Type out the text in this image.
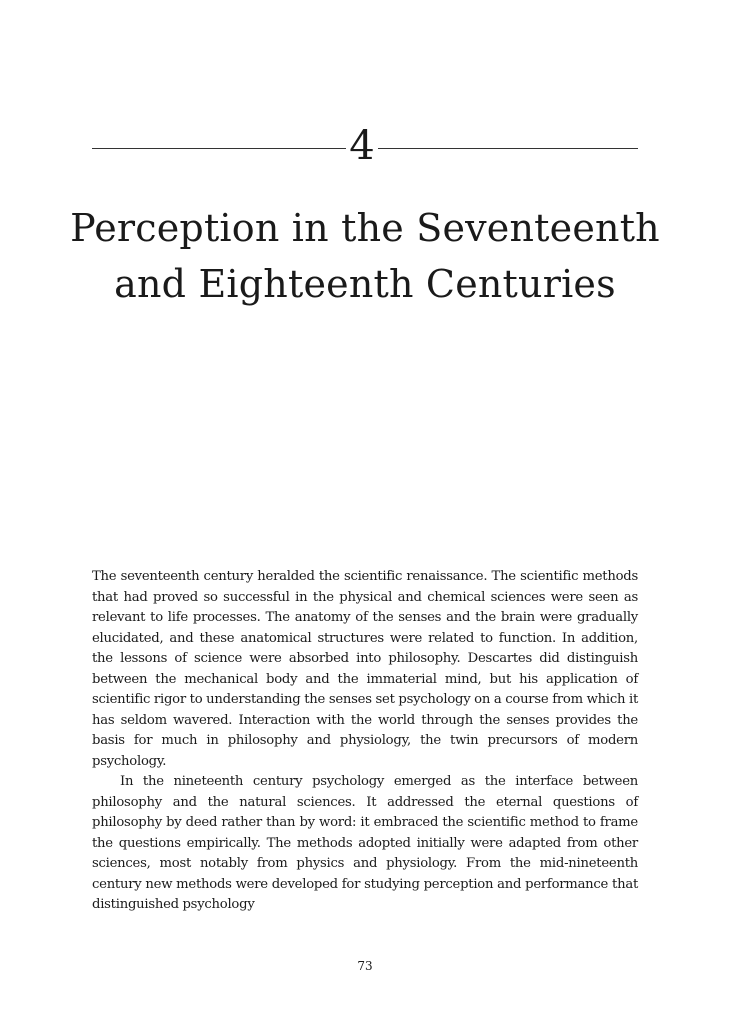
4
Perception in the Seventeenth
and Eighteenth Centuries

The seventeenth century heralded the scientific renaissance. The scientific methods that had proved so successful in the physical and chemical sciences were seen as relevant to life processes. The anatomy of the senses and the brain were gradually elucidated, and these anatomical structures were related to function. In addition, the lessons of science were absorbed into philosophy. Descartes did distinguish between the mechanical body and the immaterial mind, but his application of scientific rigor to understanding the senses set psychology on a course from which it has seldom wavered. Interaction with the world through the senses provides the basis for much in philosophy and physiology, the twin precursors of modern psychology.

In the nineteenth century psychology emerged as the interface between philosophy and the natural sciences. It addressed the eternal questions of philosophy by deed rather than by word: it embraced the scientific method to frame the questions empirically. The methods adopted initially were adapted from other sciences, most notably from physics and physiology. From the mid-nineteenth century new methods were developed for studying perception and performance that distinguished psychology

73
